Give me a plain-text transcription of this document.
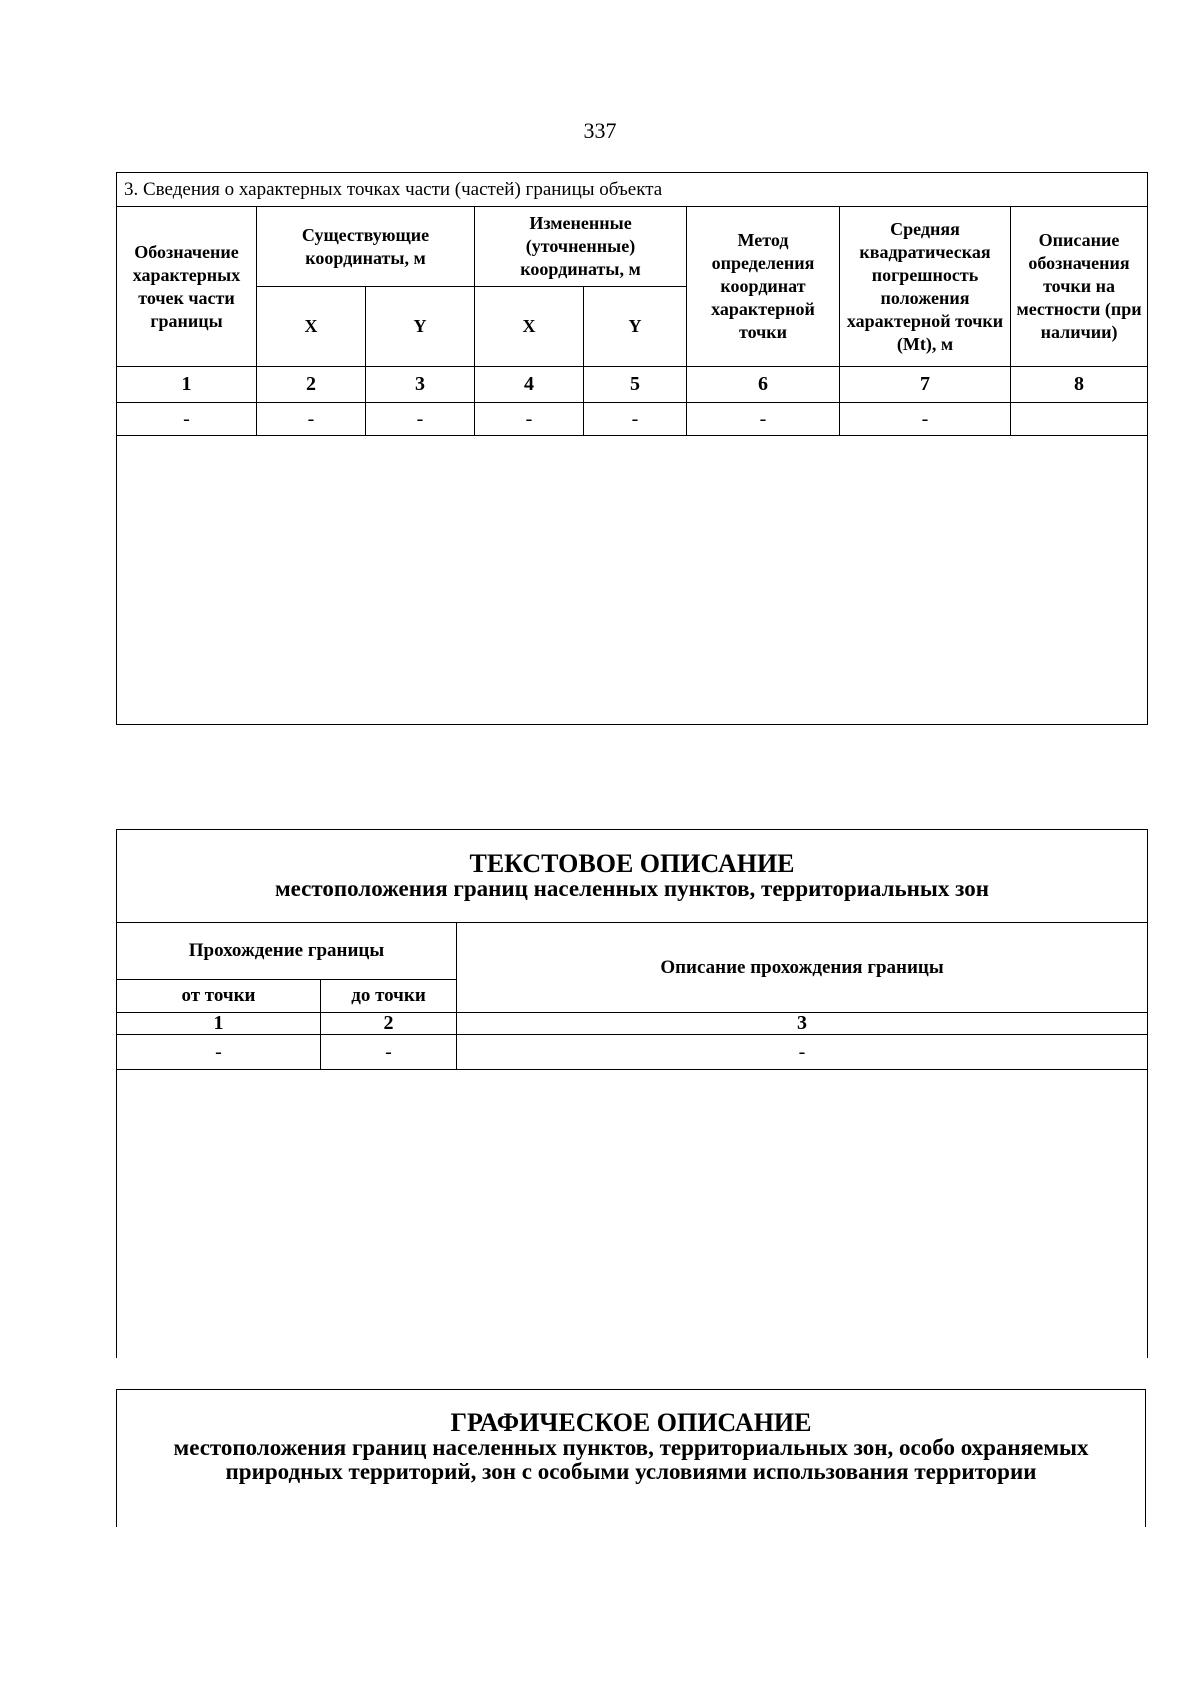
337
3. Сведения о характерных точках части (частей) границы объекта							
Обозначение характерных точек части границы	Существующие координаты, м		Измененные (уточненные) координаты, м		Метод определения координат характерной точки	Средняя квадратическая погрешность положения характерной точки (Mt), м	Описание обозначения точки на местности (при наличии)
	X	Y	X	Y			
1	2	3	4	5	6	7	8
-	-	-	-	-	-	-	

ТЕКСТОВОЕ ОПИСАНИЕ
местоположения границ населенных пунктов, территориальных зон		

Прохождение границы		Описание прохождения границы
от точки	до точки	
1	2	3
-	-	-
ГРАФИЧЕСКОЕ ОПИСАНИЕ
местоположения границ населенных пунктов, территориальных зон, особо охраняемых природных территорий, зон с особыми условиями использования территории
